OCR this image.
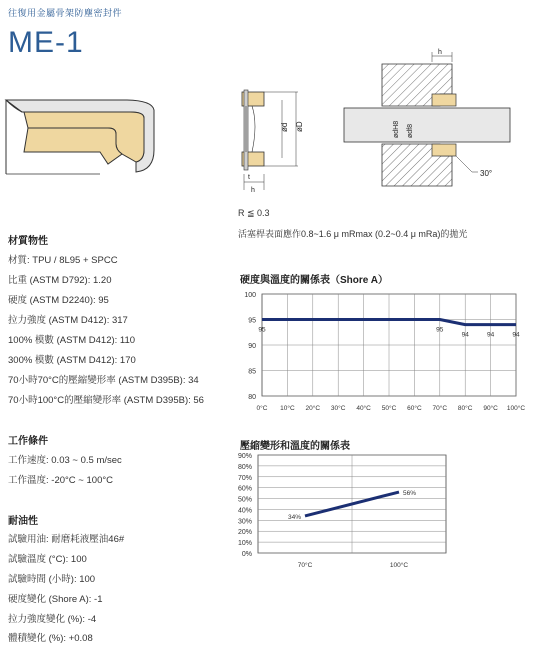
往復用金屬骨架防塵密封件
ME-1
ød øD
t
h
h
ødH8 ødf8
30°
R ≦ 0.3
活塞桿表面應作0.8~1.6 μ mRmax (0.2~0.4 μ mRa)的拋光
材質物性
材質: TPU / 8L95 + SPCC
比重 (ASTM D792): 1.20
硬度 (ASTM D2240): 95
拉力強度 (ASTM D412): 317
100% 模數 (ASTM D412): 110
300% 模數 (ASTM D412): 170
70小時70°C的壓縮變形率 (ASTM D395B): 34
70小時100°C的壓縮變形率 (ASTM D395B): 56
工作條件
工作速度: 0.03 ~ 0.5 m/sec
工作溫度: -20°C ~ 100°C
耐油性
試驗用油: 耐磨耗液壓油46#
試驗溫度 (°C): 100
試驗時間 (小時): 100
硬度變化 (Shore A): -1
拉力強度變化 (%): -4
體積變化 (%): +0.08
硬度與溫度的關係表（Shore A）
80
85
90
95
100
0°C 10°C 20°C 30°C 40°C 50°C 60°C 70°C 80°C 90°C 100°C
95	95
94	94	94
壓縮變形和溫度的關係表
0%
10%
20%
30%
40%
50%
60%
70%
80%
90%
70°C	100°C
34%
56%
